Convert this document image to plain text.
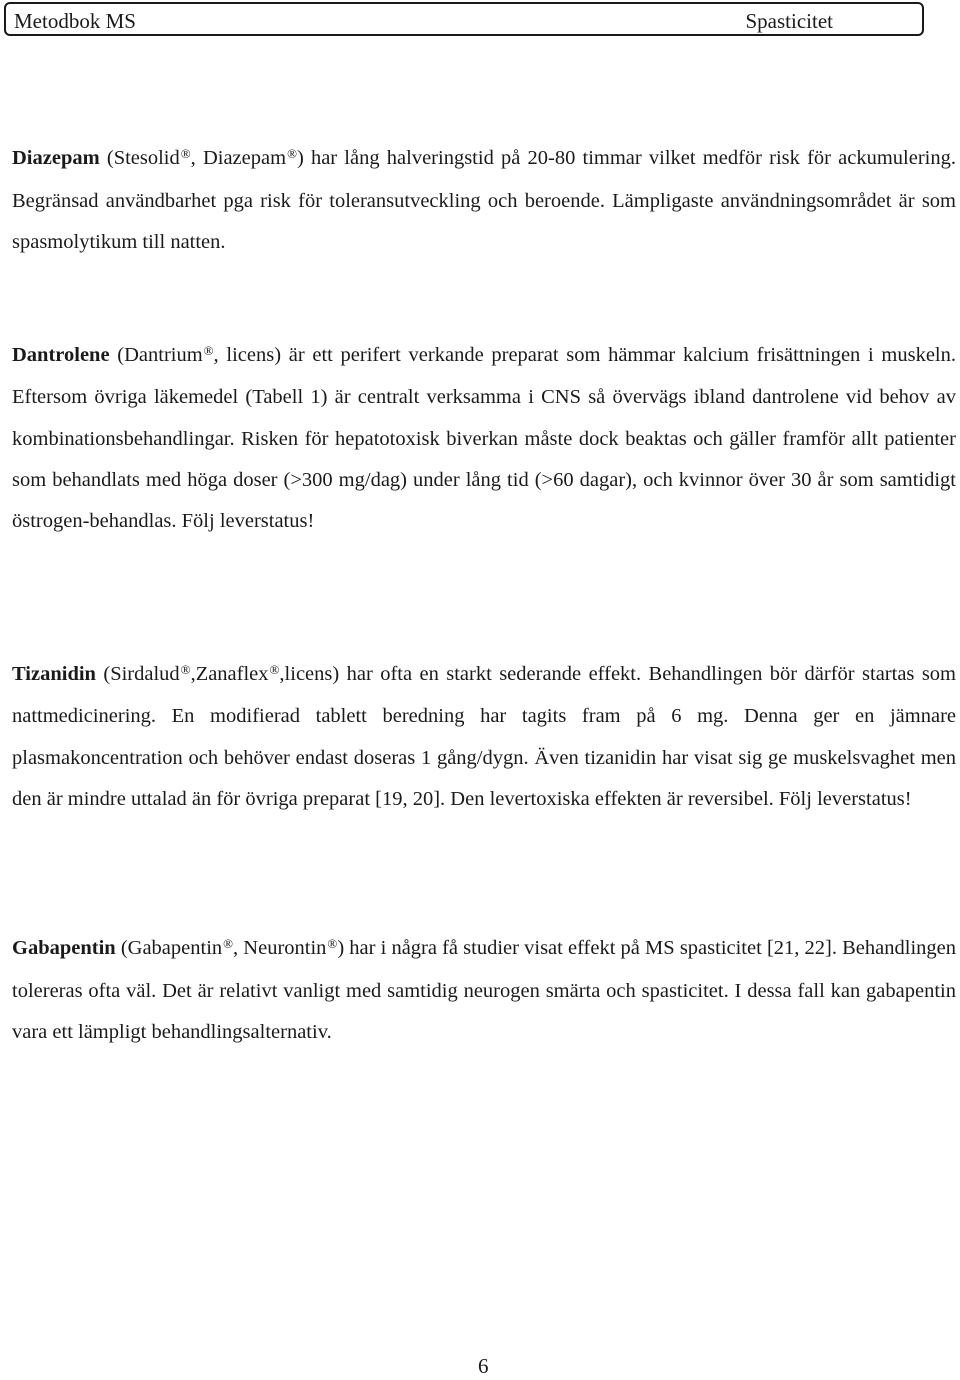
Metodbok MS	Spasticitet

Diazepam (Stesolid®, Diazepam®) har lång halveringstid på 20-80 timmar vilket medför risk för ackumulering. Begränsad användbarhet pga risk för toleransutveckling och beroende. Lämpligaste användningsområdet är som spasmolytikum till natten.

Dantrolene (Dantrium®, licens) är ett perifert verkande preparat som hämmar kalcium frisättningen i muskeln. Eftersom övriga läkemedel (Tabell 1) är centralt verksamma i CNS så övervägs ibland dantrolene vid behov av kombinationsbehandlingar. Risken för hepatotoxisk biverkan måste dock beaktas och gäller framför allt patienter som behandlats med höga doser (>300 mg/dag) under lång tid (>60 dagar), och kvinnor över 30 år som samtidigt östrogen-behandlas. Följ leverstatus!

Tizanidin (Sirdalud®,Zanaflex®,licens) har ofta en starkt sederande effekt. Behandlingen bör därför startas som nattmedicinering. En modifierad tablett beredning har tagits fram på 6 mg. Denna ger en jämnare plasmakoncentration och behöver endast doseras 1 gång/dygn. Även tizanidin har visat sig ge muskelsvaghet men den är mindre uttalad än för övriga preparat [19, 20]. Den levertoxiska effekten är reversibel. Följ leverstatus!

Gabapentin (Gabapentin®, Neurontin®) har i några få studier visat effekt på MS spasticitet [21, 22]. Behandlingen tolereras ofta väl. Det är relativt vanligt med samtidig neurogen smärta och spasticitet. I dessa fall kan gabapentin vara ett lämpligt behandlingsalternativ.

6
